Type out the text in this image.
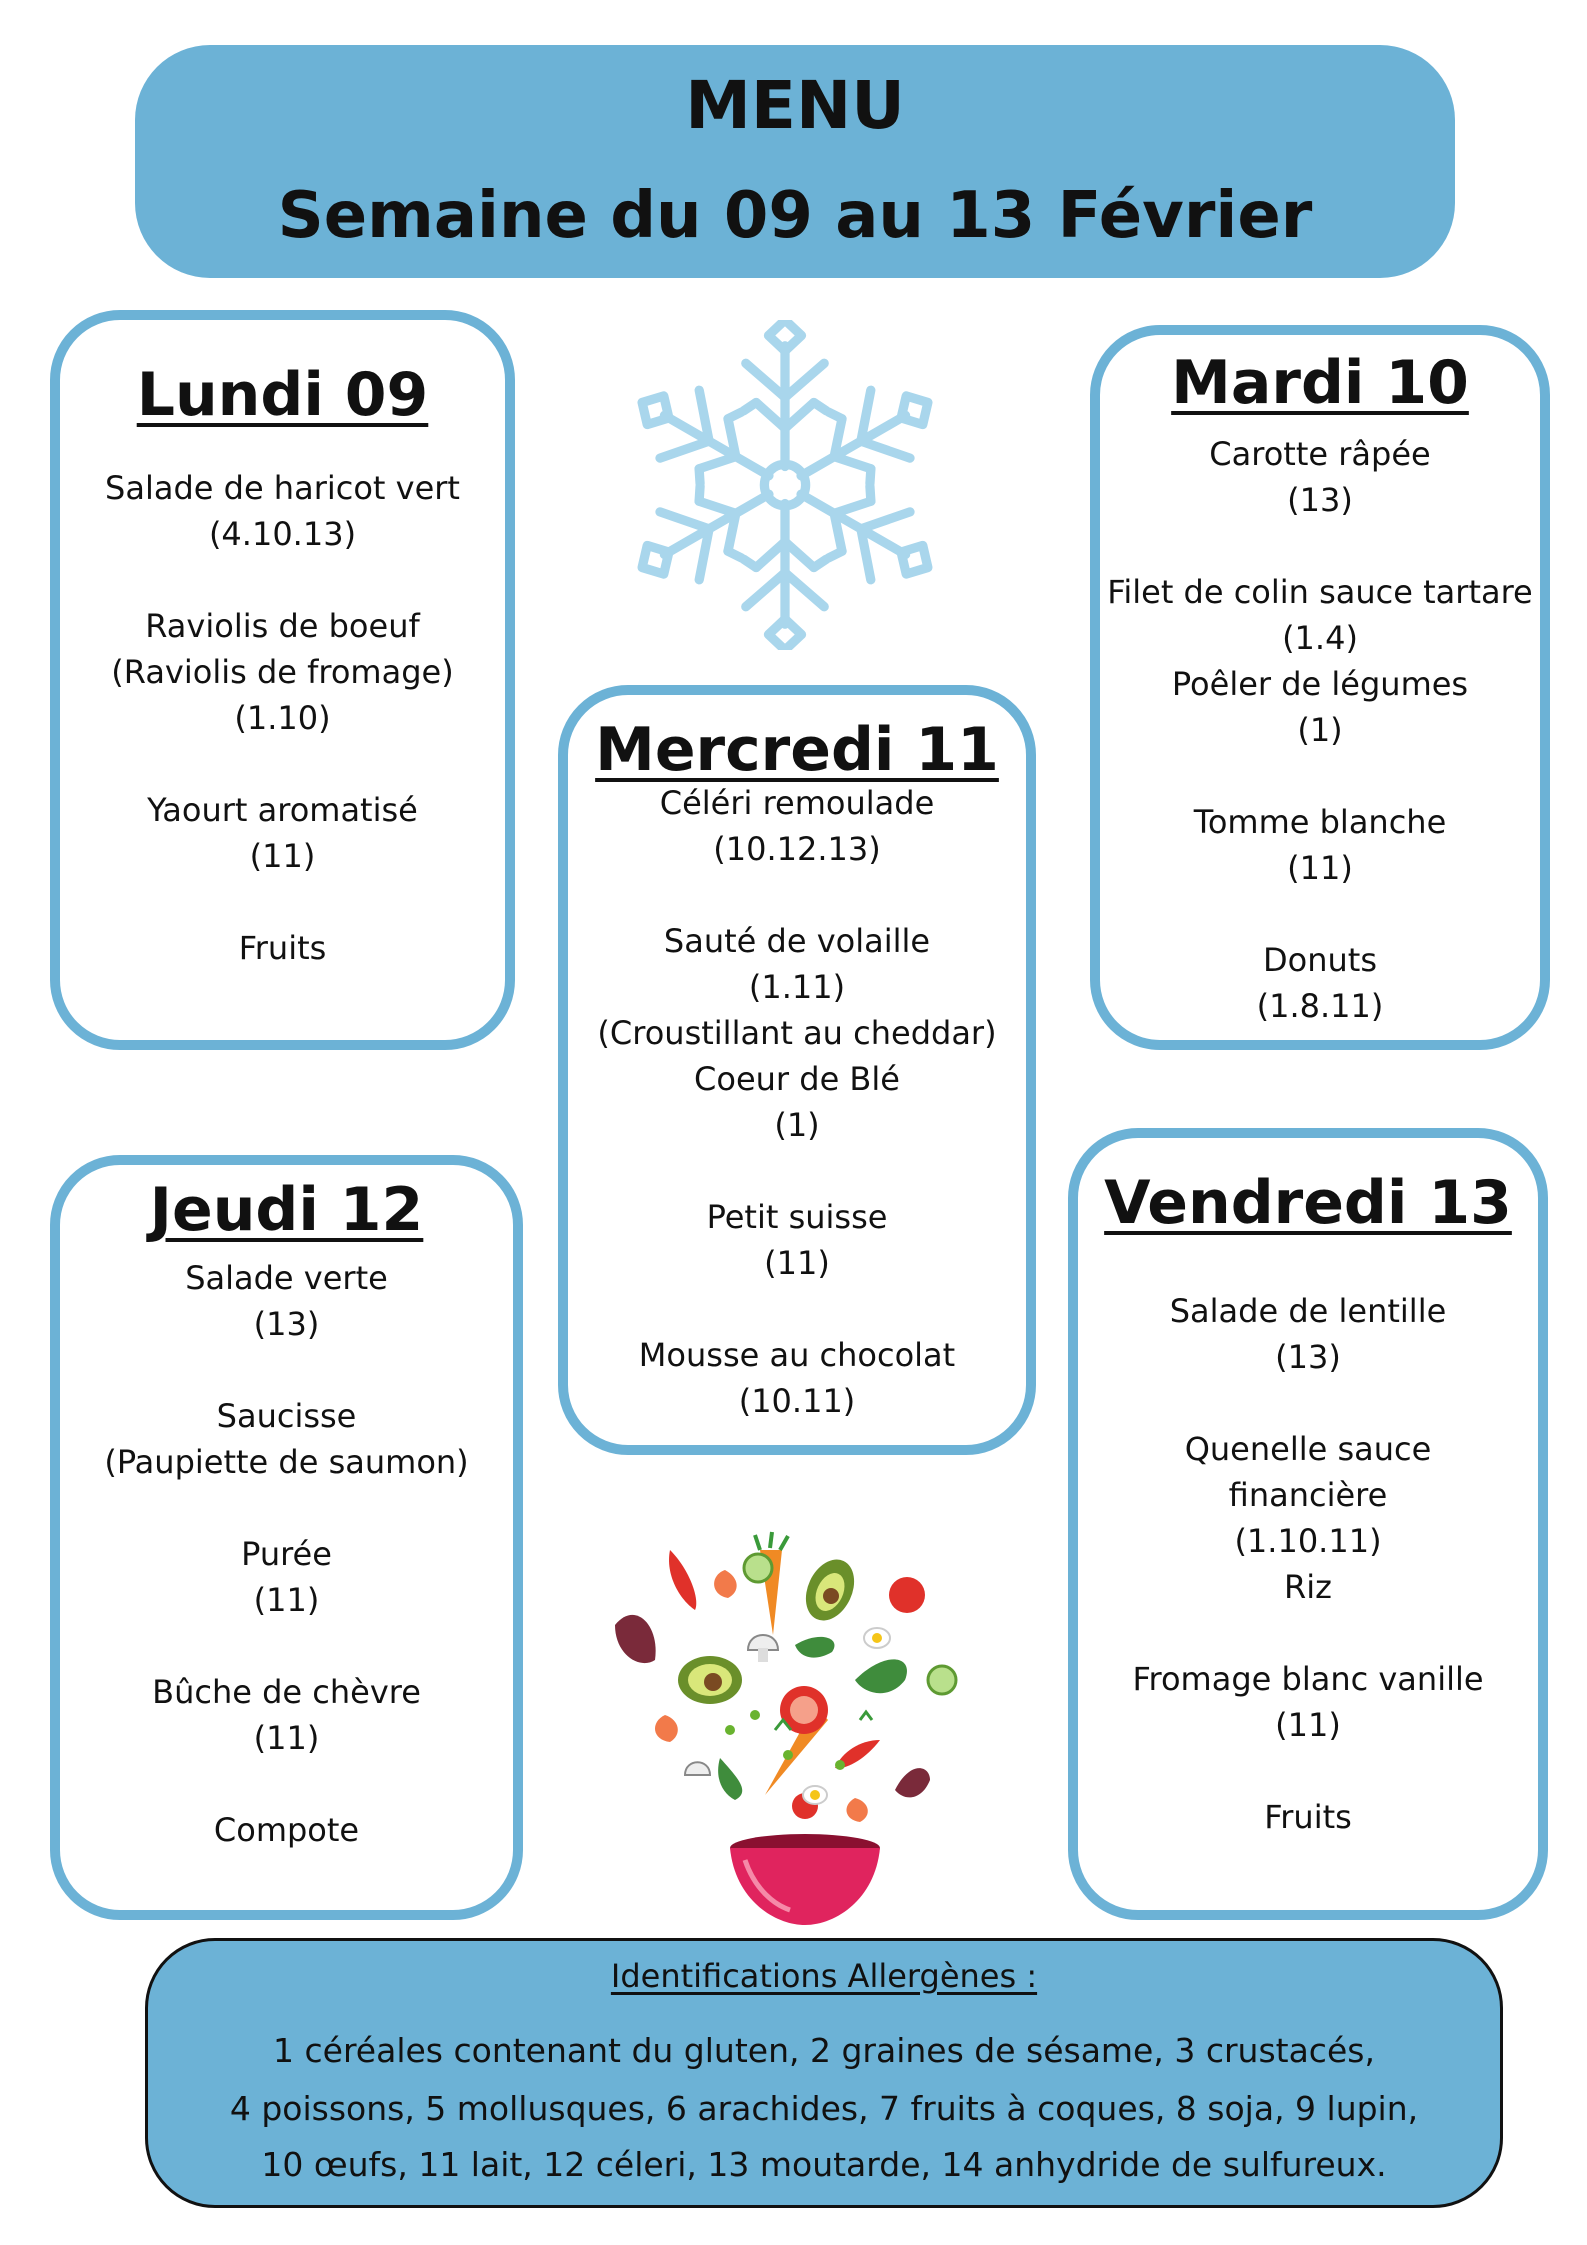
MENU
Semaine du 09 au 13 Février
Lundi 09
Salade de haricot vert
(4.10.13)
Raviolis de boeuf
(Raviolis de fromage)
(1.10)
Yaourt aromatisé
(11)
Fruits
Mardi 10
Carotte râpée
(13)
Filet de colin sauce tartare
(1.4)
Poêler de légumes
(1)
Tomme blanche
(11)
Donuts
(1.8.11)
Mercredi 11
Céléri remoulade
(10.12.13)
Sauté de volaille
(1.11)
(Croustillant au cheddar)
Coeur de Blé
(1)
Petit suisse
(11)
Mousse au chocolat
(10.11)
Jeudi 12
Salade verte
(13)
Saucisse
(Paupiette de saumon)
Purée
(11)
Bûche de chèvre
(11)
Compote
Vendredi 13
Salade de lentille
(13)
Quenelle sauce
financière
(1.10.11)
Riz
Fromage blanc vanille
(11)
Fruits
Identifications Allergènes :
1 céréales contenant du gluten, 2 graines de sésame, 3 crustacés,
4 poissons, 5 mollusques, 6 arachides, 7 fruits à coques, 8 soja, 9 lupin,
10 œufs, 11 lait, 12 céleri, 13 moutarde, 14 anhydride de sulfureux.
